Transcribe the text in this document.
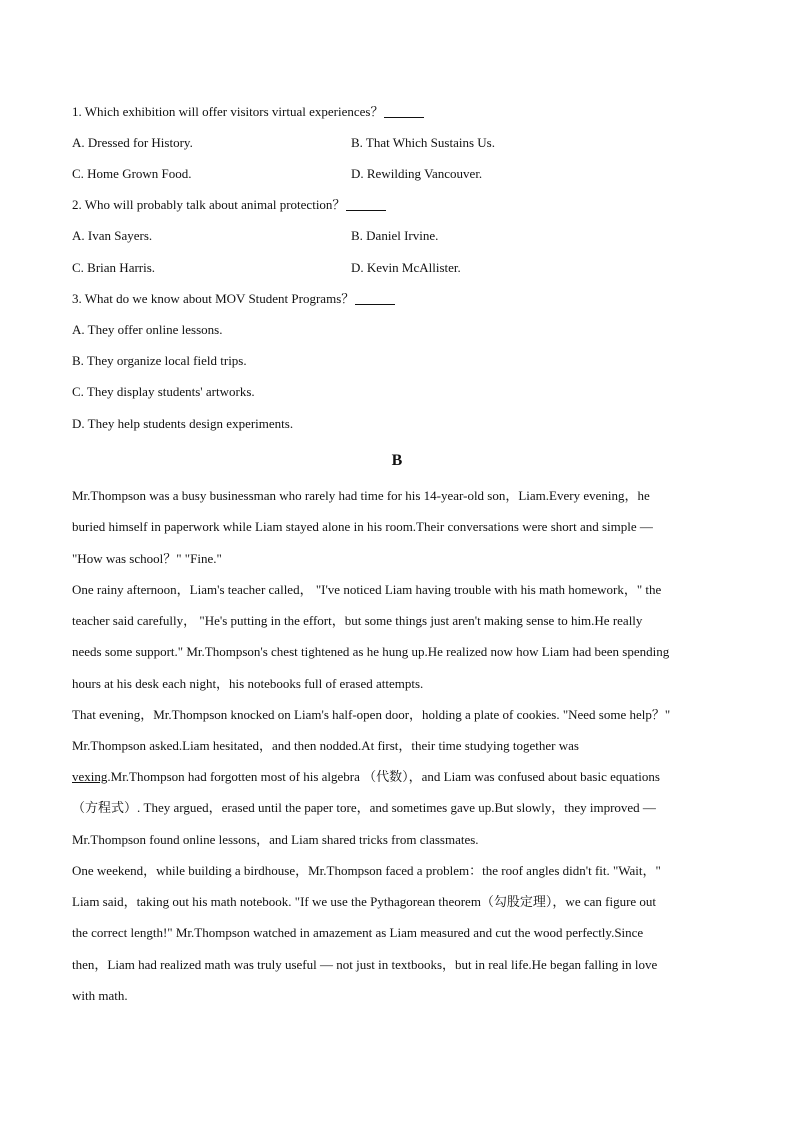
1. Which exhibition will offer visitors virtual experiences？
A. Dressed for History.	B. That Which Sustains Us.
C. Home Grown Food.	D. Rewilding Vancouver.
2. Who will probably talk about animal protection？
A. Ivan Sayers.	B. Daniel Irvine.
C. Brian Harris.	D. Kevin McAllister.
3. What do we know about MOV Student Programs？
A. They offer online lessons.
B. They organize local field trips.
C. They display students' artworks.
D. They help students design experiments.
B
Mr.Thompson was a busy businessman who rarely had time for his 14-year-old son，Liam.Every evening，he
buried himself in paperwork while Liam stayed alone in his room.Their conversations were short and simple —
"How was school？" "Fine."
One rainy afternoon，Liam's teacher called， "I've noticed Liam having trouble with his math homework，" the
teacher said carefully， "He's putting in the effort，but some things just aren't making sense to him.He really
needs some support." Mr.Thompson's chest tightened as he hung up.He realized now how Liam had been spending
hours at his desk each night，his notebooks full of erased attempts.
That evening，Mr.Thompson knocked on Liam's half-open door，holding a plate of cookies. "Need some help？"
Mr.Thompson asked.Liam hesitated，and then nodded.At first，their time studying together was
vexing.Mr.Thompson had forgotten most of his algebra （代数），and Liam was confused about basic equations
（方程式）. They argued，erased until the paper tore，and sometimes gave up.But slowly，they improved —
Mr.Thompson found online lessons，and Liam shared tricks from classmates.
One weekend，while building a birdhouse，Mr.Thompson faced a problem：the roof angles didn't fit. "Wait，"
Liam said，taking out his math notebook. "If we use the Pythagorean theorem（勾股定理），we can figure out
the correct length!" Mr.Thompson watched in amazement as Liam measured and cut the wood perfectly.Since
then，Liam had realized math was truly useful — not just in textbooks，but in real life.He began falling in love
with math.
